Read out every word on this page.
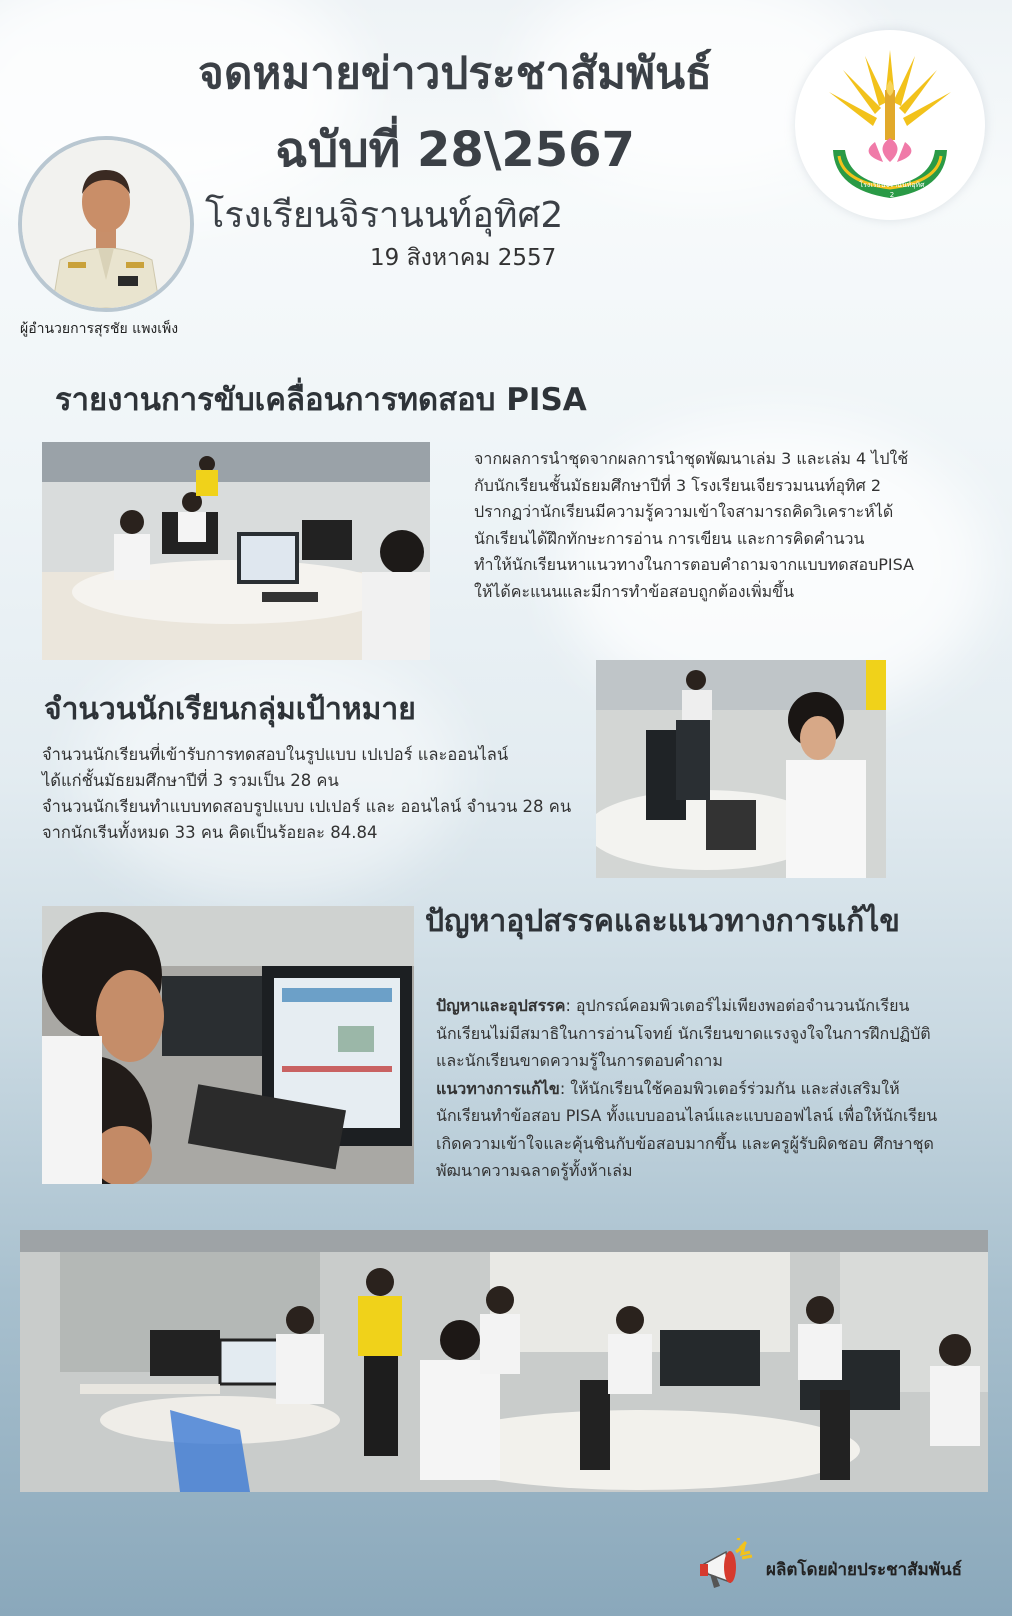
จดหมายข่าวประชาสัมพันธ์
ฉบับที่ 28\2567
โรงเรียนจิรานนท์อุทิศ2
19 สิงหาคม 2557
ผู้อำนวยการสุรชัย แพงเพ็ง
โรงเรียนจิรานนท์อุทิศ 2
รายงานการขับเคลื่อนการทดสอบ PISA
จากผลการนำชุดจากผลการนำชุดพัฒนาเล่ม 3 และเล่ม 4 ไปใช้
กับนักเรียนชั้นมัธยมศึกษาปีที่ 3 โรงเรียนเจียรวมนนท์อุทิศ 2
ปรากฏว่านักเรียนมีความรู้ความเข้าใจสามารถคิดวิเคราะห์ได้
นักเรียนได้ฝึกทักษะการอ่าน การเขียน และการคิดคำนวน
ทำให้นักเรียนหาแนวทางในการตอบคำถามจากแบบทดสอบPISA
ให้ได้คะแนนและมีการทำข้อสอบถูกต้องเพิ่มขึ้น
จำนวนนักเรียนกลุ่มเป้าหมาย
จำนวนนักเรียนที่เข้ารับการทดสอบในรูปแบบ เปเปอร์ และออนไลน์
ได้แก่ชั้นมัธยมศึกษาปีที่ 3 รวมเป็น 28 คน
จำนวนนักเรียนทำแบบทดสอบรูปแบบ เปเปอร์ และ ออนไลน์ จำนวน 28 คน
จากนักเรีนทั้งหมด 33 คน คิดเป็นร้อยละ 84.84
ปัญหาอุปสรรคและแนวทางการแก้ไข
ปัญหาและอุปสรรค: อุปกรณ์คอมพิวเตอร์ไม่เพียงพอต่อจำนวนนักเรียน
นักเรียนไม่มีสมาธิในการอ่านโจทย์ นักเรียนขาดแรงจูงใจในการฝึกปฏิบัติ
และนักเรียนขาดความรู้ในการตอบคำถาม
แนวทางการแก้ไข: ให้นักเรียนใช้คอมพิวเตอร์ร่วมกัน และส่งเสริมให้
นักเรียนทำข้อสอบ PISA ทั้งแบบออนไลน์และแบบออฟไลน์ เพื่อให้นักเรียน
เกิดความเข้าใจและคุ้นชินกับข้อสอบมากขึ้น และครูผู้รับผิดชอบ ศึกษาชุด
พัฒนาความฉลาดรู้ทั้งห้าเล่ม
ผลิตโดยฝ่ายประชาสัมพันธ์
